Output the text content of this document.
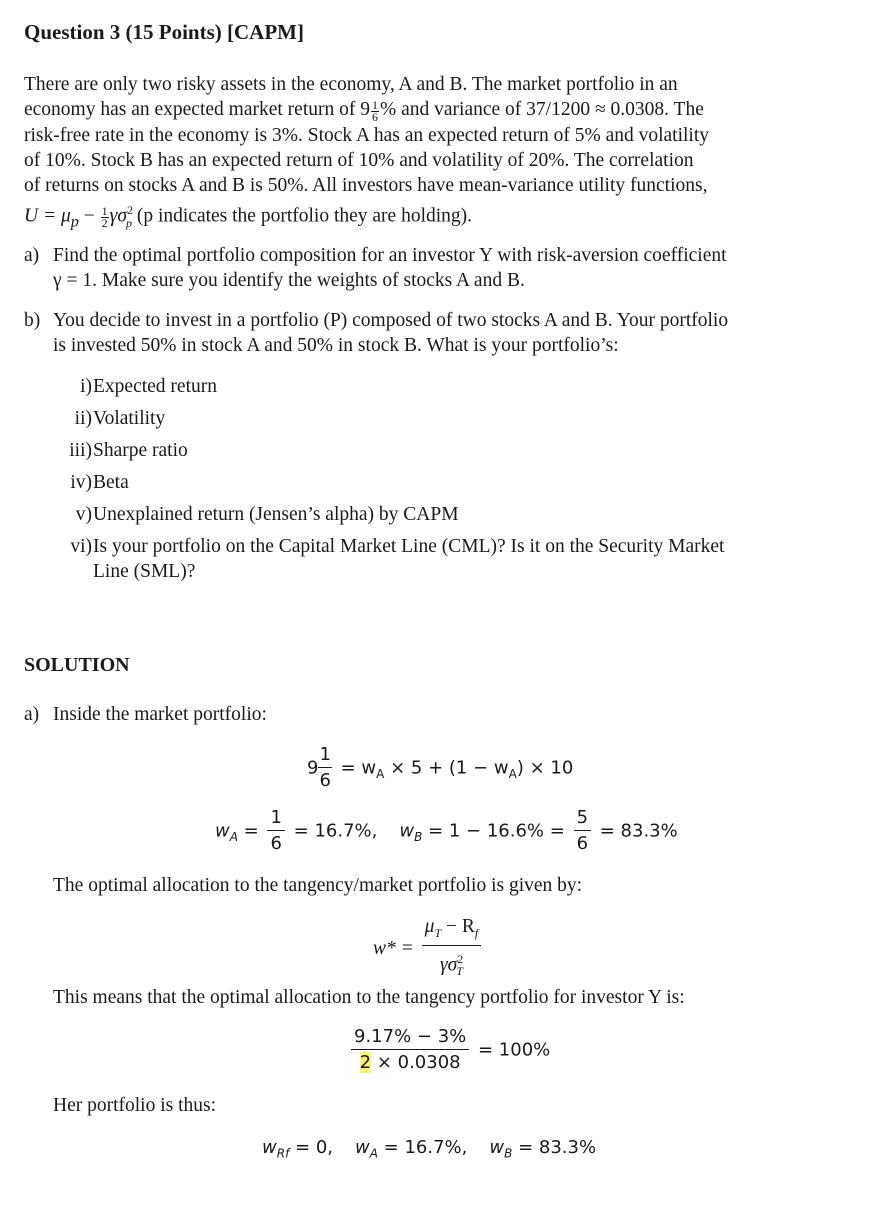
Question 3 (15 Points) [CAPM]
There are only two risky assets in the economy, A and B. The market portfolio in an
economy has an expected market return of $9 \frac{1}{6}$ % and variance of 37/1200 ≈ 0.0308. The
risk-free rate in the economy is 3%. Stock A has an expected return of 5% and volatility
of 10%. Stock B has an expected return of 10% and volatility of 20%. The correlation
of returns on stocks A and B is 50%. All investors have mean-variance utility functions,
$U = \mu_p - \frac{1}{2} \gamma\sigma^2_p$ (p indicates the portfolio they are holding).
a) Find the optimal portfolio composition for an investor Y with risk-aversion coefficient
γ = 1. Make sure you identify the weights of stocks A and B.
b) You decide to invest in a portfolio (P) composed of two stocks A and B. Your portfolio
is invested 50% in stock A and 50% in stock B. What is your portfolio’s:
i) Expected return
ii) Volatility
iii) Sharpe ratio
iv) Beta
v) Unexplained return (Jensen’s alpha) by CAPM
vi) Is your portfolio on the Capital Market Line (CML)? Is it on the Security Market
Line (SML)?
SOLUTION
a) Inside the market portfolio:
$9 \frac{1}{6} = w_A \times 5 + (1 - w_A) \times 10$
$w_A = \frac{1}{6} = 16.7\%$, $w_B = 1 - 16.6\% = \frac{5}{6} = 83.3\%$
The optimal allocation to the tangency/market portfolio is given by:
$w* = \frac{\mu_T - R_f}{\gamma\sigma^2_T}$
This means that the optimal allocation to the tangency portfolio for investor Y is:
$\frac{9.17\% - 3\%}{2 \times 0.0308} = 100\%$
Her portfolio is thus:
$w_{Rf} = 0$, $w_A = 16.7\%$, $w_B = 83.3\%$
